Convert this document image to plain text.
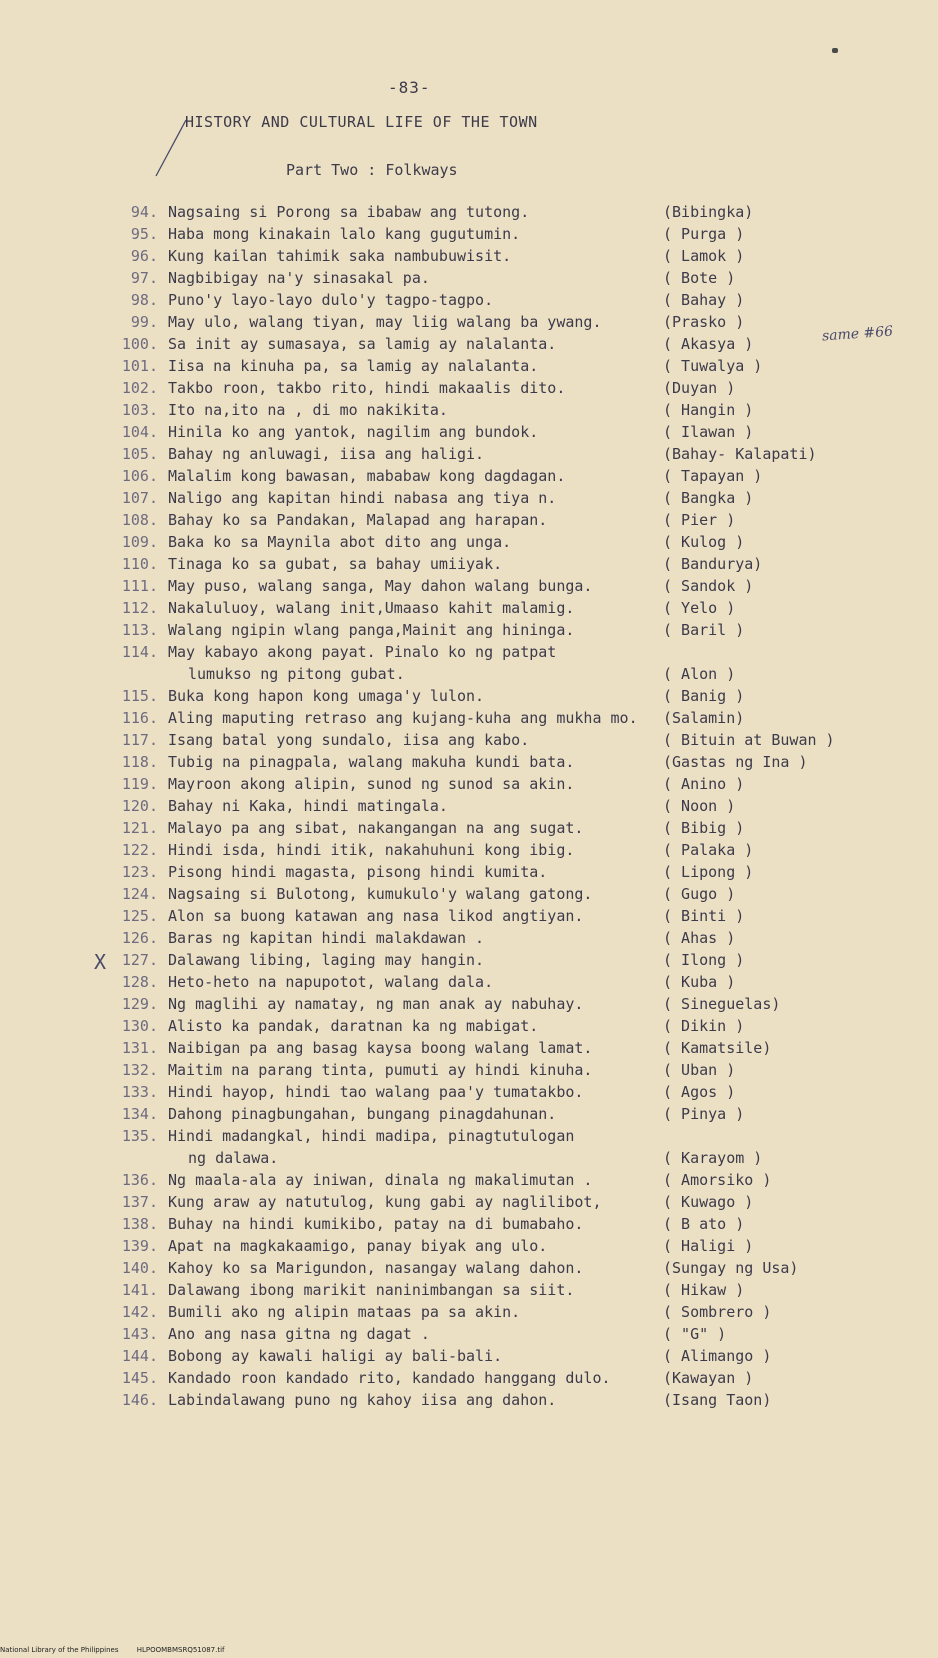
-83-
HISTORY AND CULTURAL LIFE OF THE TOWN
Part Two : Folkways
same #66
X
94. Nagsaing si Porong sa ibabaw ang tutong.	(Bibingka)
95. Haba mong kinakain lalo kang gugutumin.	( Purga )
96. Kung kailan tahimik saka nambubuwisit.	( Lamok )
97. Nagbibigay na'y sinasakal pa.	( Bote )
98. Puno'y layo-layo dulo'y tagpo-tagpo.	( Bahay )
99. May ulo, walang tiyan, may liig walang ba ywang.	(Prasko )
100. Sa init ay sumasaya, sa lamig ay nalalanta.	( Akasya )
101. Iisa na kinuha pa, sa lamig ay nalalanta.	( Tuwalya )
102. Takbo roon, takbo rito, hindi makaalis dito.	(Duyan )
103. Ito na,ito na , di mo nakikita.	( Hangin )
104. Hinila ko ang yantok, nagilim ang bundok.	( Ilawan )
105. Bahay ng anluwagi, iisa ang haligi.	(Bahay- Kalapati)
106. Malalim kong bawasan, mababaw kong dagdagan.	( Tapayan )
107. Naligo ang kapitan hindi nabasa ang tiya n.	( Bangka )
108. Bahay ko sa Pandakan, Malapad ang harapan.	( Pier )
109. Baka ko sa Maynila abot dito ang unga.	( Kulog )
110. Tinaga ko sa gubat, sa bahay umiiyak.	( Bandurya)
111. May puso, walang sanga, May dahon walang bunga.	( Sandok )
112. Nakaluluoy, walang init,Umaaso kahit malamig.	( Yelo )
113. Walang ngipin wlang panga,Mainit ang hininga.	( Baril )
114. May kabayo akong payat. Pinalo ko ng patpat
lumukso ng pitong gubat.	( Alon )
115. Buka kong hapon kong umaga'y lulon.	( Banig )
116. Aling maputing retraso ang kujang-kuha ang mukha mo. (Salamin)
117. Isang batal yong sundalo, iisa ang kabo.	( Bituin at Buwan )
118. Tubig na pinagpala, walang makuha kundi bata.	(Gastas ng Ina )
119. Mayroon akong alipin, sunod ng sunod sa akin.	( Anino )
120. Bahay ni Kaka, hindi matingala.	( Noon )
121. Malayo pa ang sibat, nakangangan na ang sugat.	( Bibig )
122. Hindi isda, hindi itik, nakahuhuni kong ibig.	( Palaka )
123. Pisong hindi magasta, pisong hindi kumita.	( Lipong )
124. Nagsaing si Bulotong, kumukulo'y walang gatong.	( Gugo )
125. Alon sa buong katawan ang nasa likod angtiyan.	( Binti )
126. Baras ng kapitan hindi malakdawan .	( Ahas )
127. Dalawang libing, laging may hangin.	( Ilong )
128. Heto-heto na napupotot, walang dala.	( Kuba )
129. Ng maglihi ay namatay, ng man anak ay nabuhay.	( Sineguelas)
130. Alisto ka pandak, daratnan ka ng mabigat.	( Dikin )
131. Naibigan pa ang basag kaysa boong walang lamat.	( Kamatsile)
132. Maitim na parang tinta, pumuti ay hindi kinuha.	( Uban )
133. Hindi hayop, hindi tao walang paa'y tumatakbo.	( Agos )
134. Dahong pinagbungahan, bungang pinagdahunan.	( Pinya )
135. Hindi madangkal, hindi madipa, pinagtutulogan
ng dalawa.	( Karayom )
136. Ng maala-ala ay iniwan, dinala ng makalimutan .	( Amorsiko )
137. Kung araw ay natutulog, kung gabi ay naglilibot,	( Kuwago )
138. Buhay na hindi kumikibo, patay na di bumabaho.	( B ato )
139. Apat na magkakaamigo, panay biyak ang ulo.	( Haligi )
140. Kahoy ko sa Marigundon, nasangay walang dahon.	(Sungay ng Usa)
141. Dalawang ibong marikit naninimbangan sa siit.	( Hikaw )
142. Bumili ako ng alipin mataas pa sa akin.	( Sombrero )
143. Ano ang nasa gitna ng dagat .	( "G" )
144. Bobong ay kawali haligi ay bali-bali.	( Alimango )
145. Kandado roon kandado rito, kandado hanggang dulo.	(Kawayan )
146. Labindalawang puno ng kahoy iisa ang dahon.	(Isang Taon)
National Library of the Philippines	HLPOOMBMSRQ51087.tif
